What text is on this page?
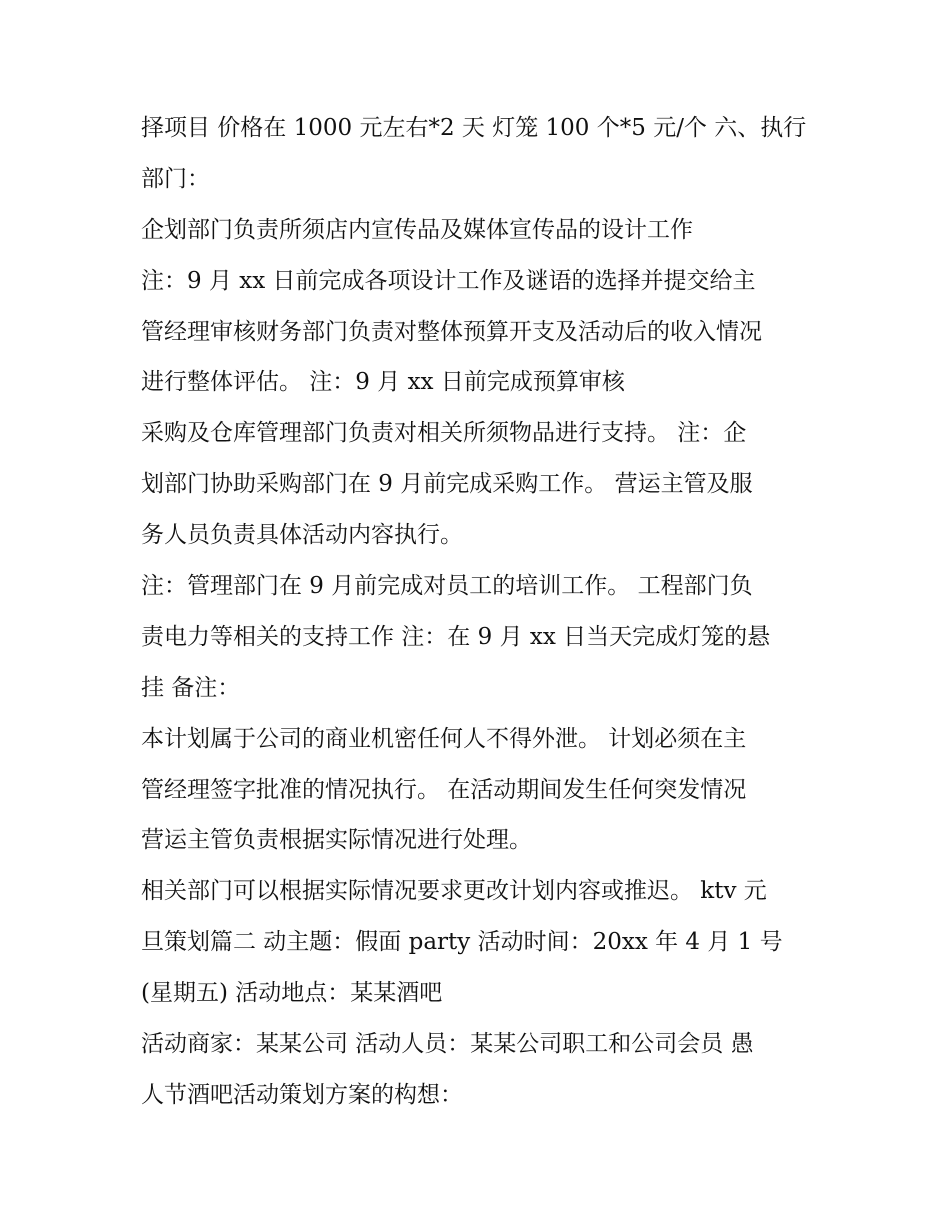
择项目 价格在 1000 元左右*2 天 灯笼 100 个*5 元/个 六、执行
部门：
企划部门负责所须店内宣传品及媒体宣传品的设计工作
注：9 月 xx 日前完成各项设计工作及谜语的选择并提交给主
管经理审核财务部门负责对整体预算开支及活动后的收入情况
进行整体评估。 注：9 月 xx 日前完成预算审核
采购及仓库管理部门负责对相关所须物品进行支持。 注：企
划部门协助采购部门在 9 月前完成采购工作。 营运主管及服
务人员负责具体活动内容执行。
注：管理部门在 9 月前完成对员工的培训工作。 工程部门负
责电力等相关的支持工作 注：在 9 月 xx 日当天完成灯笼的悬
挂 备注：
本计划属于公司的商业机密任何人不得外泄。 计划必须在主
管经理签字批准的情况执行。 在活动期间发生任何突发情况
营运主管负责根据实际情况进行处理。
相关部门可以根据实际情况要求更改计划内容或推迟。 ktv 元
旦策划篇二 动主题：假面 party 活动时间：20xx 年 4 月 1 号
(星期五) 活动地点：某某酒吧
活动商家：某某公司 活动人员：某某公司职工和公司会员 愚
人节酒吧活动策划方案的构想：
